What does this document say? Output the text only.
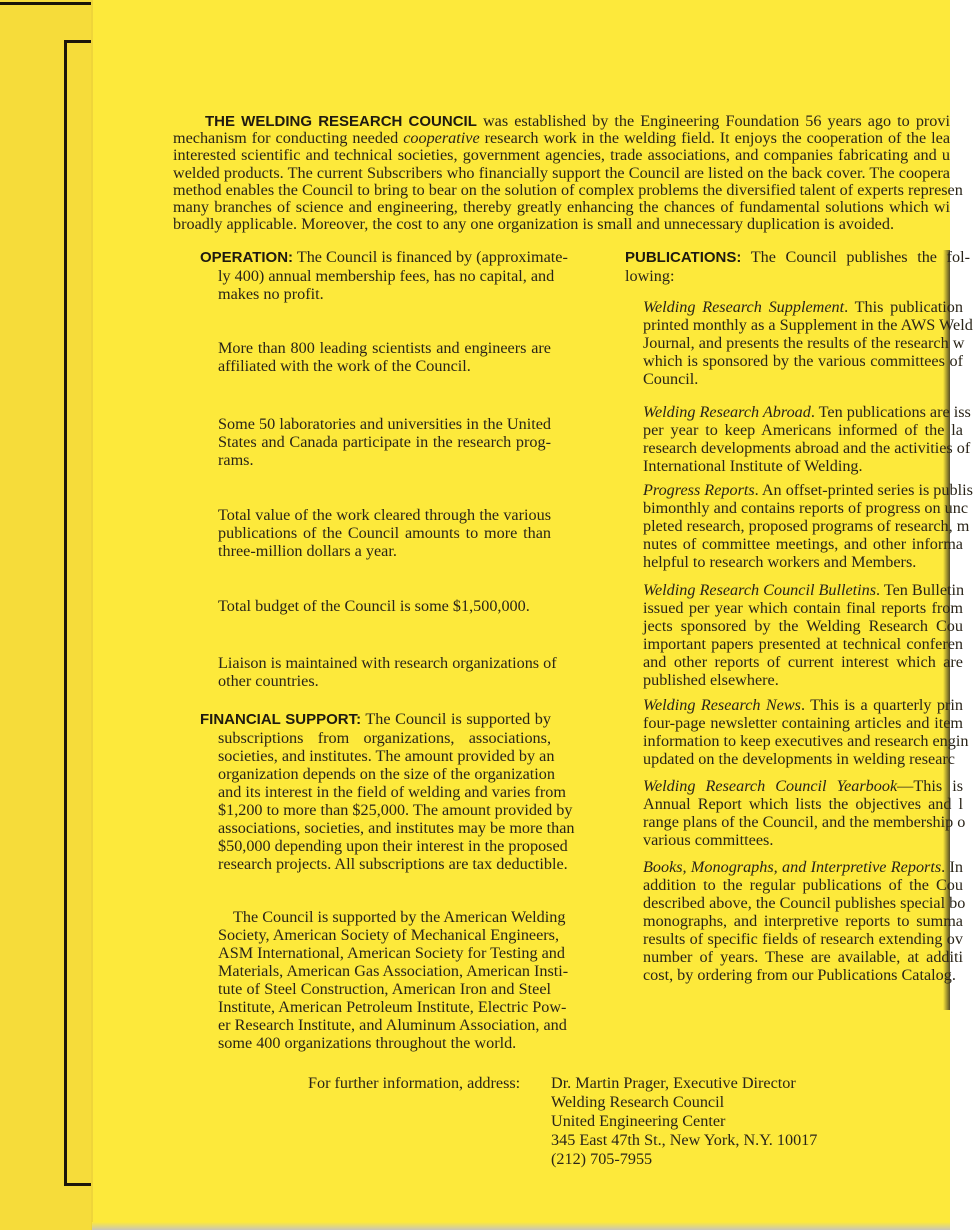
THE WELDING RESEARCH COUNCIL was established by the Engineering Foundation 56 years ago to provi
mechanism for conducting needed cooperative research work in the welding field. It enjoys the cooperation of the lea
interested scientific and technical societies, government agencies, trade associations, and companies fabricating and u
welded products. The current Subscribers who financially support the Council are listed on the back cover. The coopera
method enables the Council to bring to bear on the solution of complex problems the diversified talent of experts represen
many branches of science and engineering, thereby greatly enhancing the chances of fundamental solutions which wi
broadly applicable. Moreover, the cost to any one organization is small and unnecessary duplication is avoided.
OPERATION: The Council is financed by (approximate-
ly 400) annual membership fees, has no capital, and
makes no profit.
More than 800 leading scientists and engineers are
affiliated with the work of the Council.
Some 50 laboratories and universities in the United
States and Canada participate in the research prog-
rams.
Total value of the work cleared through the various
publications of the Council amounts to more than
three-million dollars a year.
Total budget of the Council is some $1,500,000.
Liaison is maintained with research organizations of
other countries.
FINANCIAL SUPPORT: The Council is supported by
subscriptions from organizations, associations,
societies, and institutes. The amount provided by an
organization depends on the size of the organization
and its interest in the field of welding and varies from
$1,200 to more than $25,000. The amount provided by
associations, societies, and institutes may be more than
$50,000 depending upon their interest in the proposed
research projects. All subscriptions are tax deductible.
The Council is supported by the American Welding
Society, American Society of Mechanical Engineers,
ASM International, American Society for Testing and
Materials, American Gas Association, American Insti-
tute of Steel Construction, American Iron and Steel
Institute, American Petroleum Institute, Electric Pow-
er Research Institute, and Aluminum Association, and
some 400 organizations throughout the world.
PUBLICATIONS: The Council publishes the fol-
lowing:
Welding Research Supplement. This publication
printed monthly as a Supplement in the AWS Weld
Journal, and presents the results of the research w
which is sponsored by the various committees of
Council.
Welding Research Abroad. Ten publications are iss
per year to keep Americans informed of the la
research developments abroad and the activities of
International Institute of Welding.
Progress Reports. An offset-printed series is publis
bimonthly and contains reports of progress on unc
pleted research, proposed programs of research, m
nutes of committee meetings, and other informa
helpful to research workers and Members.
Welding Research Council Bulletins. Ten Bulletin
issued per year which contain final reports from
jects sponsored by the Welding Research Cou
important papers presented at technical conferen
and other reports of current interest which are
published elsewhere.
Welding Research News. This is a quarterly prin
four-page newsletter containing articles and item
information to keep executives and research engin
updated on the developments in welding researc
Welding Research Council Yearbook—This is
Annual Report which lists the objectives and l
range plans of the Council, and the membership o
various committees.
Books, Monographs, and Interpretive Reports. In
addition to the regular publications of the Cou
described above, the Council publishes special bo
monographs, and interpretive reports to summa
results of specific fields of research extending ov
number of years. These are available, at additi
cost, by ordering from our Publications Catalog.
For further information, address: Dr. Martin Prager, Executive Director
Welding Research Council
United Engineering Center
345 East 47th St., New York, N.Y. 10017
(212) 705-7955
